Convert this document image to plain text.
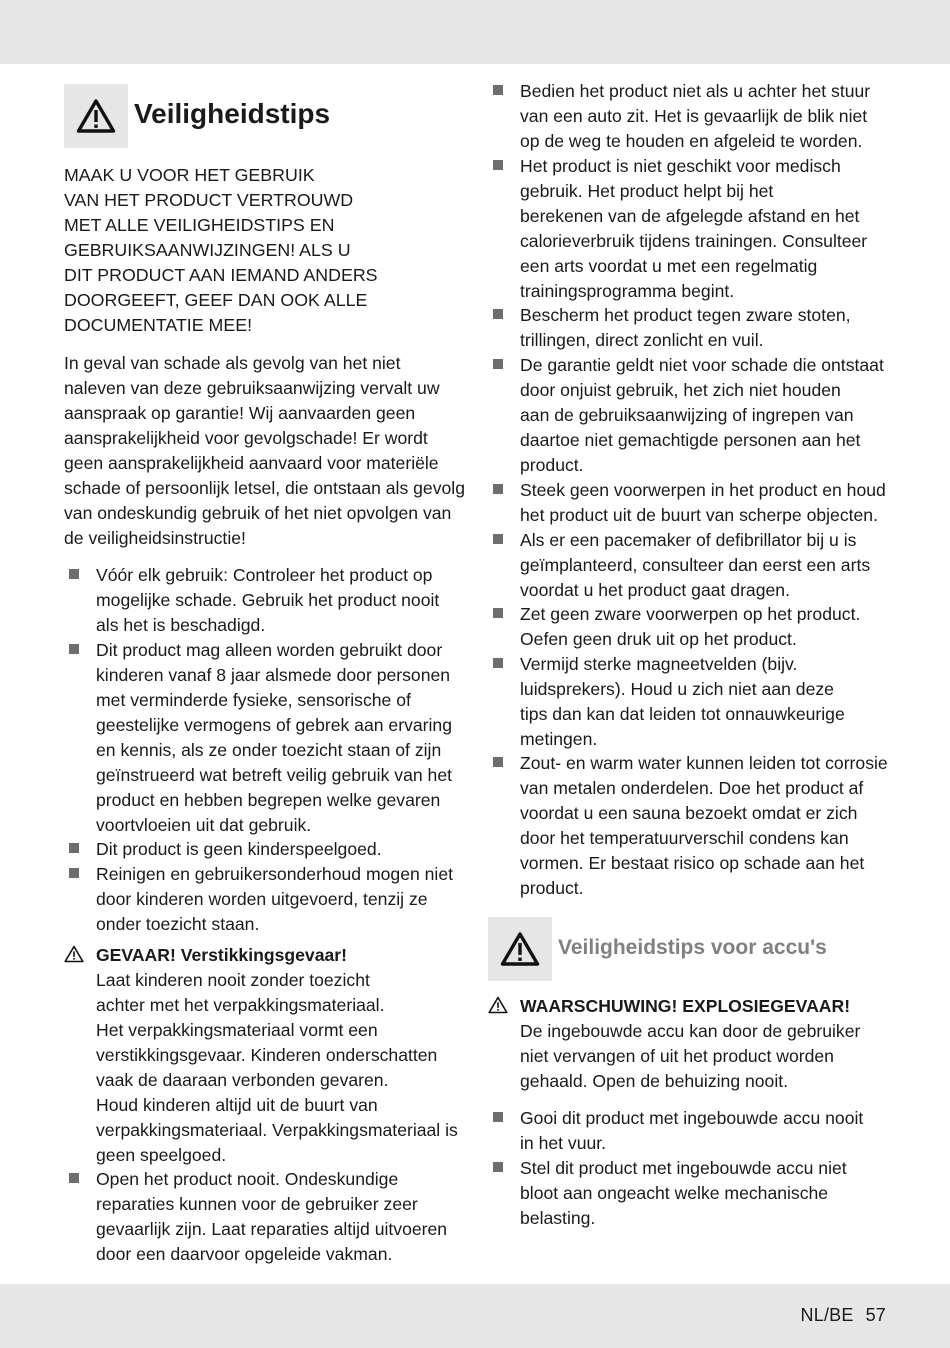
Veiligheidstips

MAAK U VOOR HET GEBRUIK

VAN HET PRODUCT VERTROUWD

MET ALLE VEILIGHEIDSTIPS EN

GEBRUIKSAANWIJZINGEN! ALS U

DIT PRODUCT AAN IEMAND ANDERS

DOORGEEFT, GEEF DAN OOK ALLE

DOCUMENTATIE MEE!

In geval van schade als gevolg van het niet

naleven van deze gebruiksaanwijzing vervalt uw

aanspraak op garantie! Wij aanvaarden geen

aansprakelijkheid voor gevolgschade! Er wordt

geen aansprakelijkheid aanvaard voor materiële

schade of persoonlijk letsel, die ontstaan als gevolg

van ondeskundig gebruik of het niet opvolgen van

de veiligheidsinstructie!

Vóór elk gebruik: Controleer het product op

mogelijke schade. Gebruik het product nooit

als het is beschadigd.

Dit product mag alleen worden gebruikt door

kinderen vanaf 8 jaar alsmede door personen

met verminderde fysieke, sensorische of

geestelijke vermogens of gebrek aan ervaring

en kennis, als ze onder toezicht staan of zijn

geïnstrueerd wat betreft veilig gebruik van het

product en hebben begrepen welke gevaren

voortvloeien uit dat gebruik.

Dit product is geen kinderspeelgoed.

Reinigen en gebruikersonderhoud mogen niet

door kinderen worden uitgevoerd, tenzij ze

onder toezicht staan.

GEVAAR! Verstikkingsgevaar!

Laat kinderen nooit zonder toezicht

achter met het verpakkingsmateriaal.

Het verpakkingsmateriaal vormt een

verstikkingsgevaar. Kinderen onderschatten

vaak de daaraan verbonden gevaren.

Houd kinderen altijd uit de buurt van

verpakkingsmateriaal. Verpakkingsmateriaal is

geen speelgoed.

Open het product nooit. Ondeskundige

reparaties kunnen voor de gebruiker zeer

gevaarlijk zijn. Laat reparaties altijd uitvoeren

door een daarvoor opgeleide vakman.

Bedien het product niet als u achter het stuur

van een auto zit. Het is gevaarlijk de blik niet

op de weg te houden en afgeleid te worden.

Het product is niet geschikt voor medisch

gebruik. Het product helpt bij het

berekenen van de afgelegde afstand en het

calorieverbruik tijdens trainingen. Consulteer

een arts voordat u met een regelmatig

trainingsprogramma begint.

Bescherm het product tegen zware stoten,

trillingen, direct zonlicht en vuil.

De garantie geldt niet voor schade die ontstaat

door onjuist gebruik, het zich niet houden

aan de gebruiksaanwijzing of ingrepen van

daartoe niet gemachtigde personen aan het

product.

Steek geen voorwerpen in het product en houd

het product uit de buurt van scherpe objecten.

Als er een pacemaker of defibrillator bij u is

geïmplanteerd, consulteer dan eerst een arts

voordat u het product gaat dragen.

Zet geen zware voorwerpen op het product.

Oefen geen druk uit op het product.

Vermijd sterke magneetvelden (bijv.

luidsprekers). Houd u zich niet aan deze

tips dan kan dat leiden tot onnauwkeurige

metingen.

Zout- en warm water kunnen leiden tot corrosie

van metalen onderdelen. Doe het product af

voordat u een sauna bezoekt omdat er zich

door het temperatuurverschil condens kan

vormen. Er bestaat risico op schade aan het

product.

Veiligheidstips voor accu's

WAARSCHUWING! EXPLOSIEGEVAAR!

De ingebouwde accu kan door de gebruiker

niet vervangen of uit het product worden

gehaald. Open de behuizing nooit.

Gooi dit product met ingebouwde accu nooit

in het vuur.

Stel dit product met ingebouwde accu niet

bloot aan ongeacht welke mechanische

belasting.

NL/BE 57
